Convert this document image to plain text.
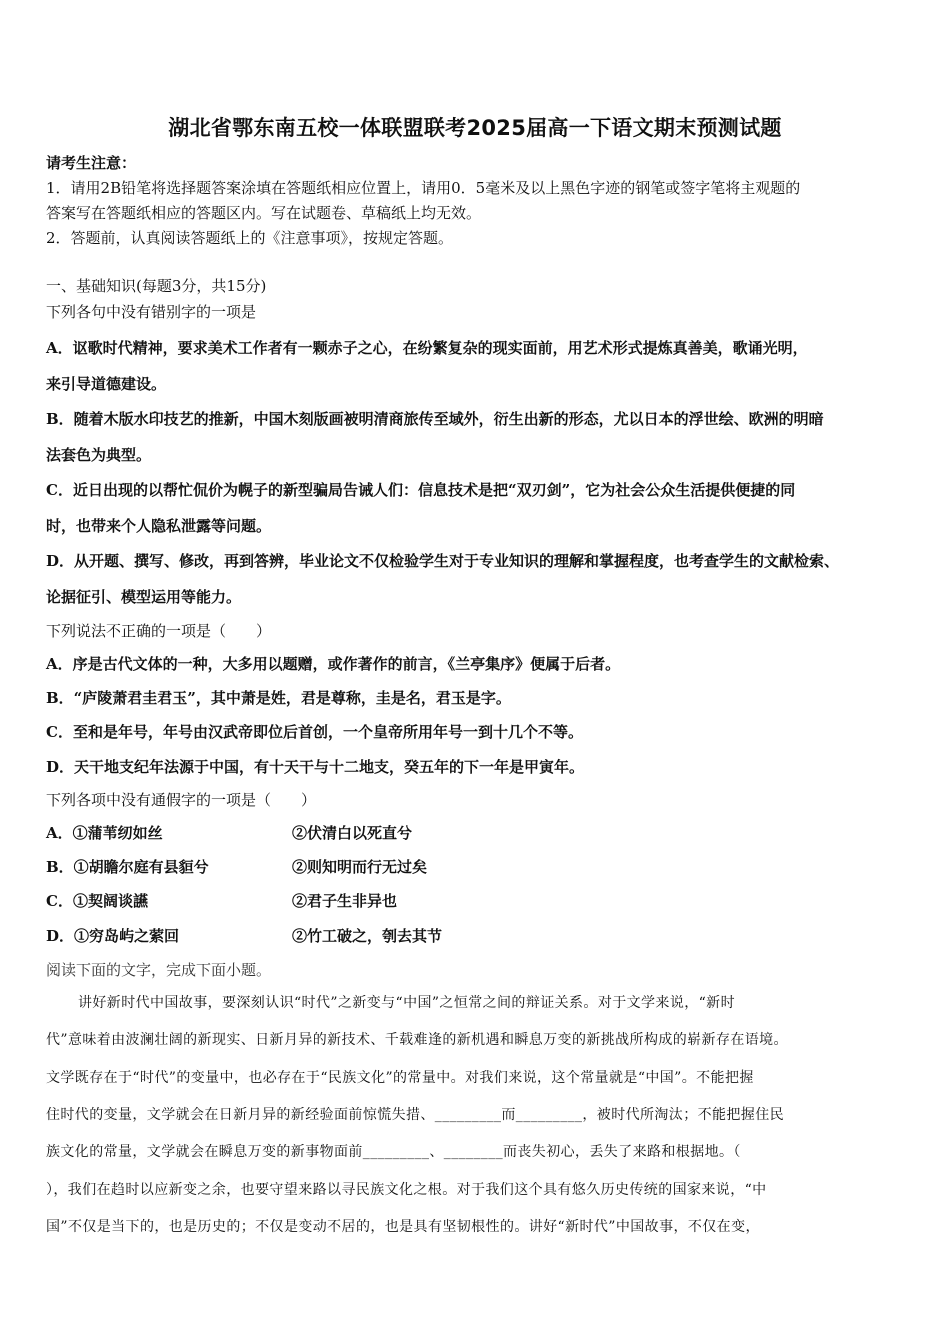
湖北省鄂东南五校一体联盟联考2025届高一下语文期末预测试题
请考生注意：
1．请用2B铅笔将选择题答案涂填在答题纸相应位置上，请用0．5毫米及以上黑色字迹的钢笔或签字笔将主观题的
答案写在答题纸相应的答题区内。写在试题卷、草稿纸上均无效。
2．答题前，认真阅读答题纸上的《注意事项》，按规定答题。
一、基础知识(每题3分，共15分)
下列各句中没有错别字的一项是
A．讴歌时代精神，要求美术工作者有一颗赤子之心，在纷繁复杂的现实面前，用艺术形式提炼真善美，歌诵光明，
来引导道德建设。
B．随着木版水印技艺的推新，中国木刻版画被明清商旅传至域外，衍生出新的形态，尤以日本的浮世绘、欧洲的明暗
法套色为典型。
C．近日出现的以帮忙侃价为幌子的新型骗局告诫人们：信息技术是把“双刃剑”，它为社会公众生活提供便捷的同
时，也带来个人隐私泄露等问题。
D．从开题、撰写、修改，再到答辨，毕业论文不仅检验学生对于专业知识的理解和掌握程度，也考查学生的文献检索、
论据征引、模型运用等能力。
下列说法不正确的一项是（　　）
A．序是古代文体的一种，大多用以题赠，或作著作的前言，《兰亭集序》便属于后者。
B．“庐陵萧君圭君玉”，其中萧是姓，君是尊称，圭是名，君玉是字。
C．至和是年号，年号由汉武帝即位后首创，一个皇帝所用年号一到十几个不等。
D．天干地支纪年法源于中国，有十天干与十二地支，癸五年的下一年是甲寅年。
下列各项中没有通假字的一项是（　　）
A．①蒲苇纫如丝	②伏清白以死直兮
B．①胡瞻尔庭有县貆兮	②则知明而行无过矣
C．①契阔谈讌	②君子生非异也
D．①穷岛屿之萦回	②竹工破之，刳去其节
阅读下面的文字，完成下面小题。
讲好新时代中国故事，要深刻认识“时代”之新变与“中国”之恒常之间的辩证关系。对于文学来说，“新时
代”意味着由波澜壮阔的新现实、日新月异的新技术、千载难逢的新机遇和瞬息万变的新挑战所构成的崭新存在语境。
文学既存在于“时代”的变量中，也必存在于“民族文化”的常量中。对我们来说，这个常量就是“中国”。不能把握
住时代的变量，文学就会在日新月异的新经验面前惊慌失措、_________而_________，被时代所淘汰；不能把握住民
族文化的常量，文学就会在瞬息万变的新事物面前_________、________而丧失初心，丢失了来路和根据地。（
），我们在趋时以应新变之余，也要守望来路以寻民族文化之根。对于我们这个具有悠久历史传统的国家来说，“中
国”不仅是当下的，也是历史的；不仅是变动不居的，也是具有坚韧根性的。讲好“新时代”中国故事，不仅在变，
